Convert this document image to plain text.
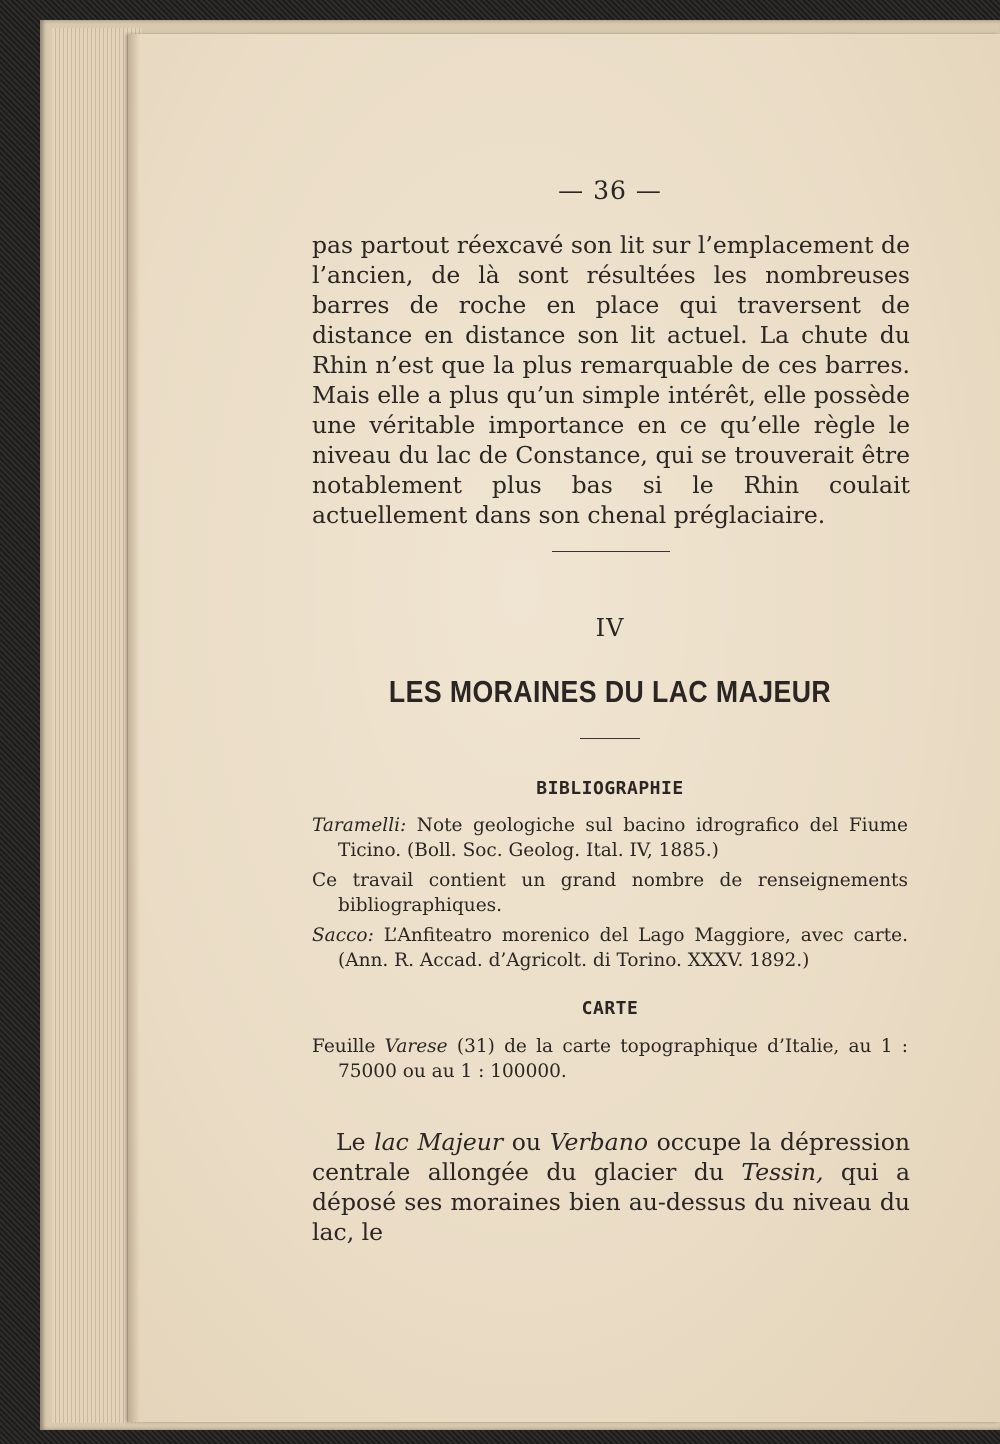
— 36 —
pas partout réexcavé son lit sur l’emplacement de l’ancien, de là sont résultées les nombreuses barres de roche en place qui traversent de distance en distance son lit actuel. La chute du Rhin n’est que la plus remarquable de ces barres. Mais elle a plus qu’un simple intérêt, elle possède une véritable importance en ce qu’elle règle le niveau du lac de Constance, qui se trouverait être notablement plus bas si le Rhin coulait actuellement dans son chenal préglaciaire.
IV
LES MORAINES DU LAC MAJEUR
BIBLIOGRAPHIE
Taramelli: Note geologiche sul bacino idrografico del Fiume Ticino. (Boll. Soc. Geolog. Ital. IV, 1885.)
Ce travail contient un grand nombre de renseignements bibliographiques.
Sacco: L’Anfiteatro morenico del Lago Maggiore, avec carte. (Ann. R. Accad. d’Agricolt. di Torino. XXXV. 1892.)
CARTE
Feuille Varese (31) de la carte topographique d’Italie, au 1 : 75000 ou au 1 : 100000.
Le lac Majeur ou Verbano occupe la dépression centrale allongée du glacier du Tessin, qui a déposé ses moraines bien au-dessus du niveau du lac, le
